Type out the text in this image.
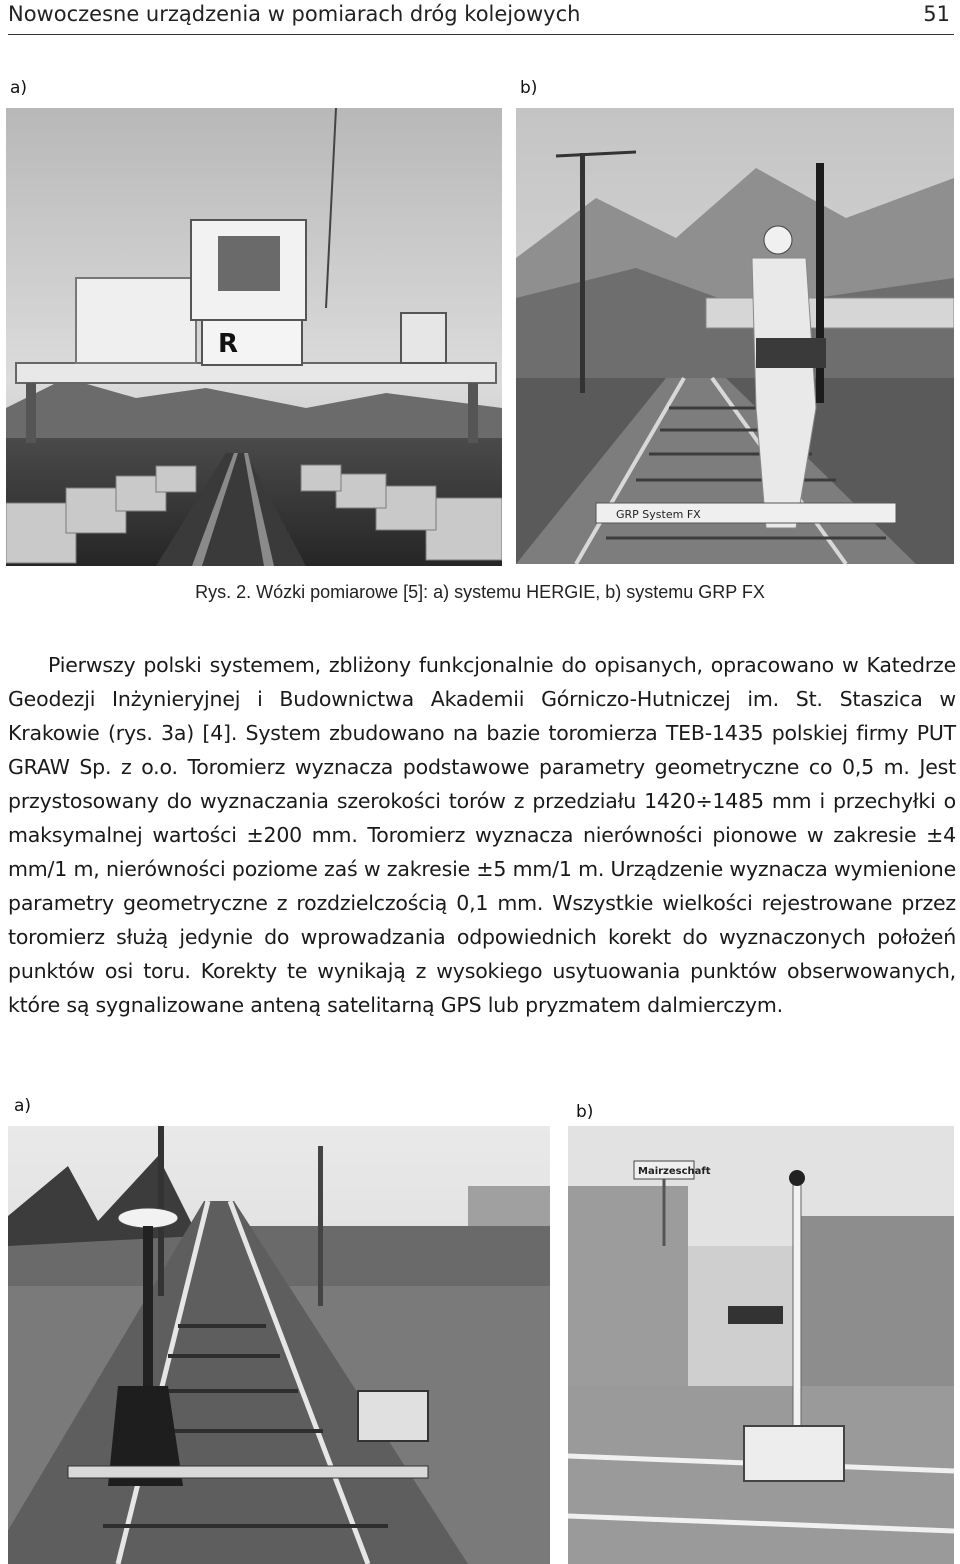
Nowoczesne urządzenia w pomiarach dróg kolejowych	51
a)	b)
R
GRP System FX
Rys. 2. Wózki pomiarowe [5]: a) systemu HERGIE, b) systemu GRP FX

Pierwszy polski systemem, zbliżony funkcjonalnie do opisanych, opracowano w Katedrze Geodezji Inżynieryjnej i Budownictwa Akademii Górniczo-Hutniczej im. St. Staszica w Krakowie (rys. 3a) [4]. System zbudowano na bazie toromierza TEB-1435 polskiej firmy PUT GRAW Sp. z o.o. Toromierz wyznacza podstawowe parametry geometryczne co 0,5 m. Jest przystosowany do wyznaczania szerokości torów z przedziału 1420÷1485 mm i przechyłki o maksymalnej wartości ±200 mm. Toromierz wyznacza nierówności pionowe w zakresie ±4 mm/1 m, nierówności poziome zaś w zakresie ±5 mm/1 m. Urządzenie wyznacza wymienione parametry geometryczne z rozdzielczością 0,1 mm. Wszystkie wielkości rejestrowane przez toromierz służą jedynie do wprowadzania odpowiednich korekt do wyznaczonych położeń punktów osi toru. Korekty te wynikają z wysokiego usytuowania punktów obserwowanych, które są sygnalizowane anteną satelitarną GPS lub pryzmatem dalmierczym.

a)	b)
Mairzeschaft
